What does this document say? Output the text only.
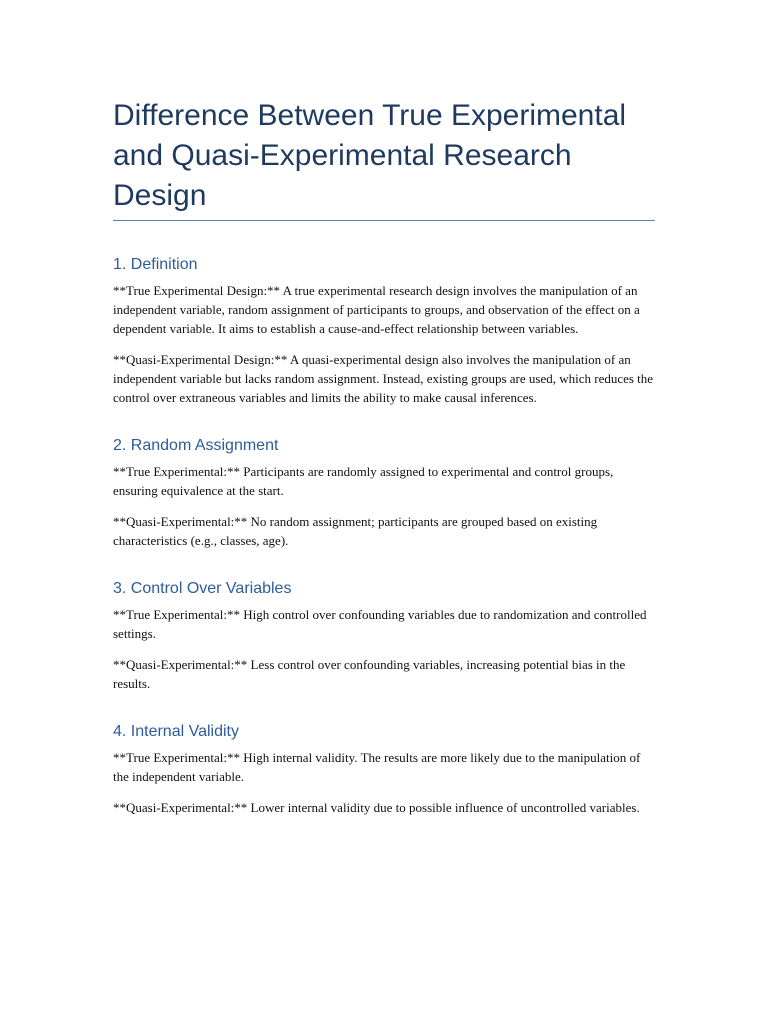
Difference Between True Experimental and Quasi-Experimental Research Design
1. Definition

**True Experimental Design:** A true experimental research design involves the manipulation of an independent variable, random assignment of participants to groups, and observation of the effect on a dependent variable. It aims to establish a cause-and-effect relationship between variables.

**Quasi-Experimental Design:** A quasi-experimental design also involves the manipulation of an independent variable but lacks random assignment. Instead, existing groups are used, which reduces the control over extraneous variables and limits the ability to make causal inferences.

2. Random Assignment

**True Experimental:** Participants are randomly assigned to experimental and control groups, ensuring equivalence at the start.

**Quasi-Experimental:** No random assignment; participants are grouped based on existing characteristics (e.g., classes, age).

3. Control Over Variables

**True Experimental:** High control over confounding variables due to randomization and controlled settings.

**Quasi-Experimental:** Less control over confounding variables, increasing potential bias in the results.

4. Internal Validity

**True Experimental:** High internal validity. The results are more likely due to the manipulation of the independent variable.

**Quasi-Experimental:** Lower internal validity due to possible influence of uncontrolled variables.
